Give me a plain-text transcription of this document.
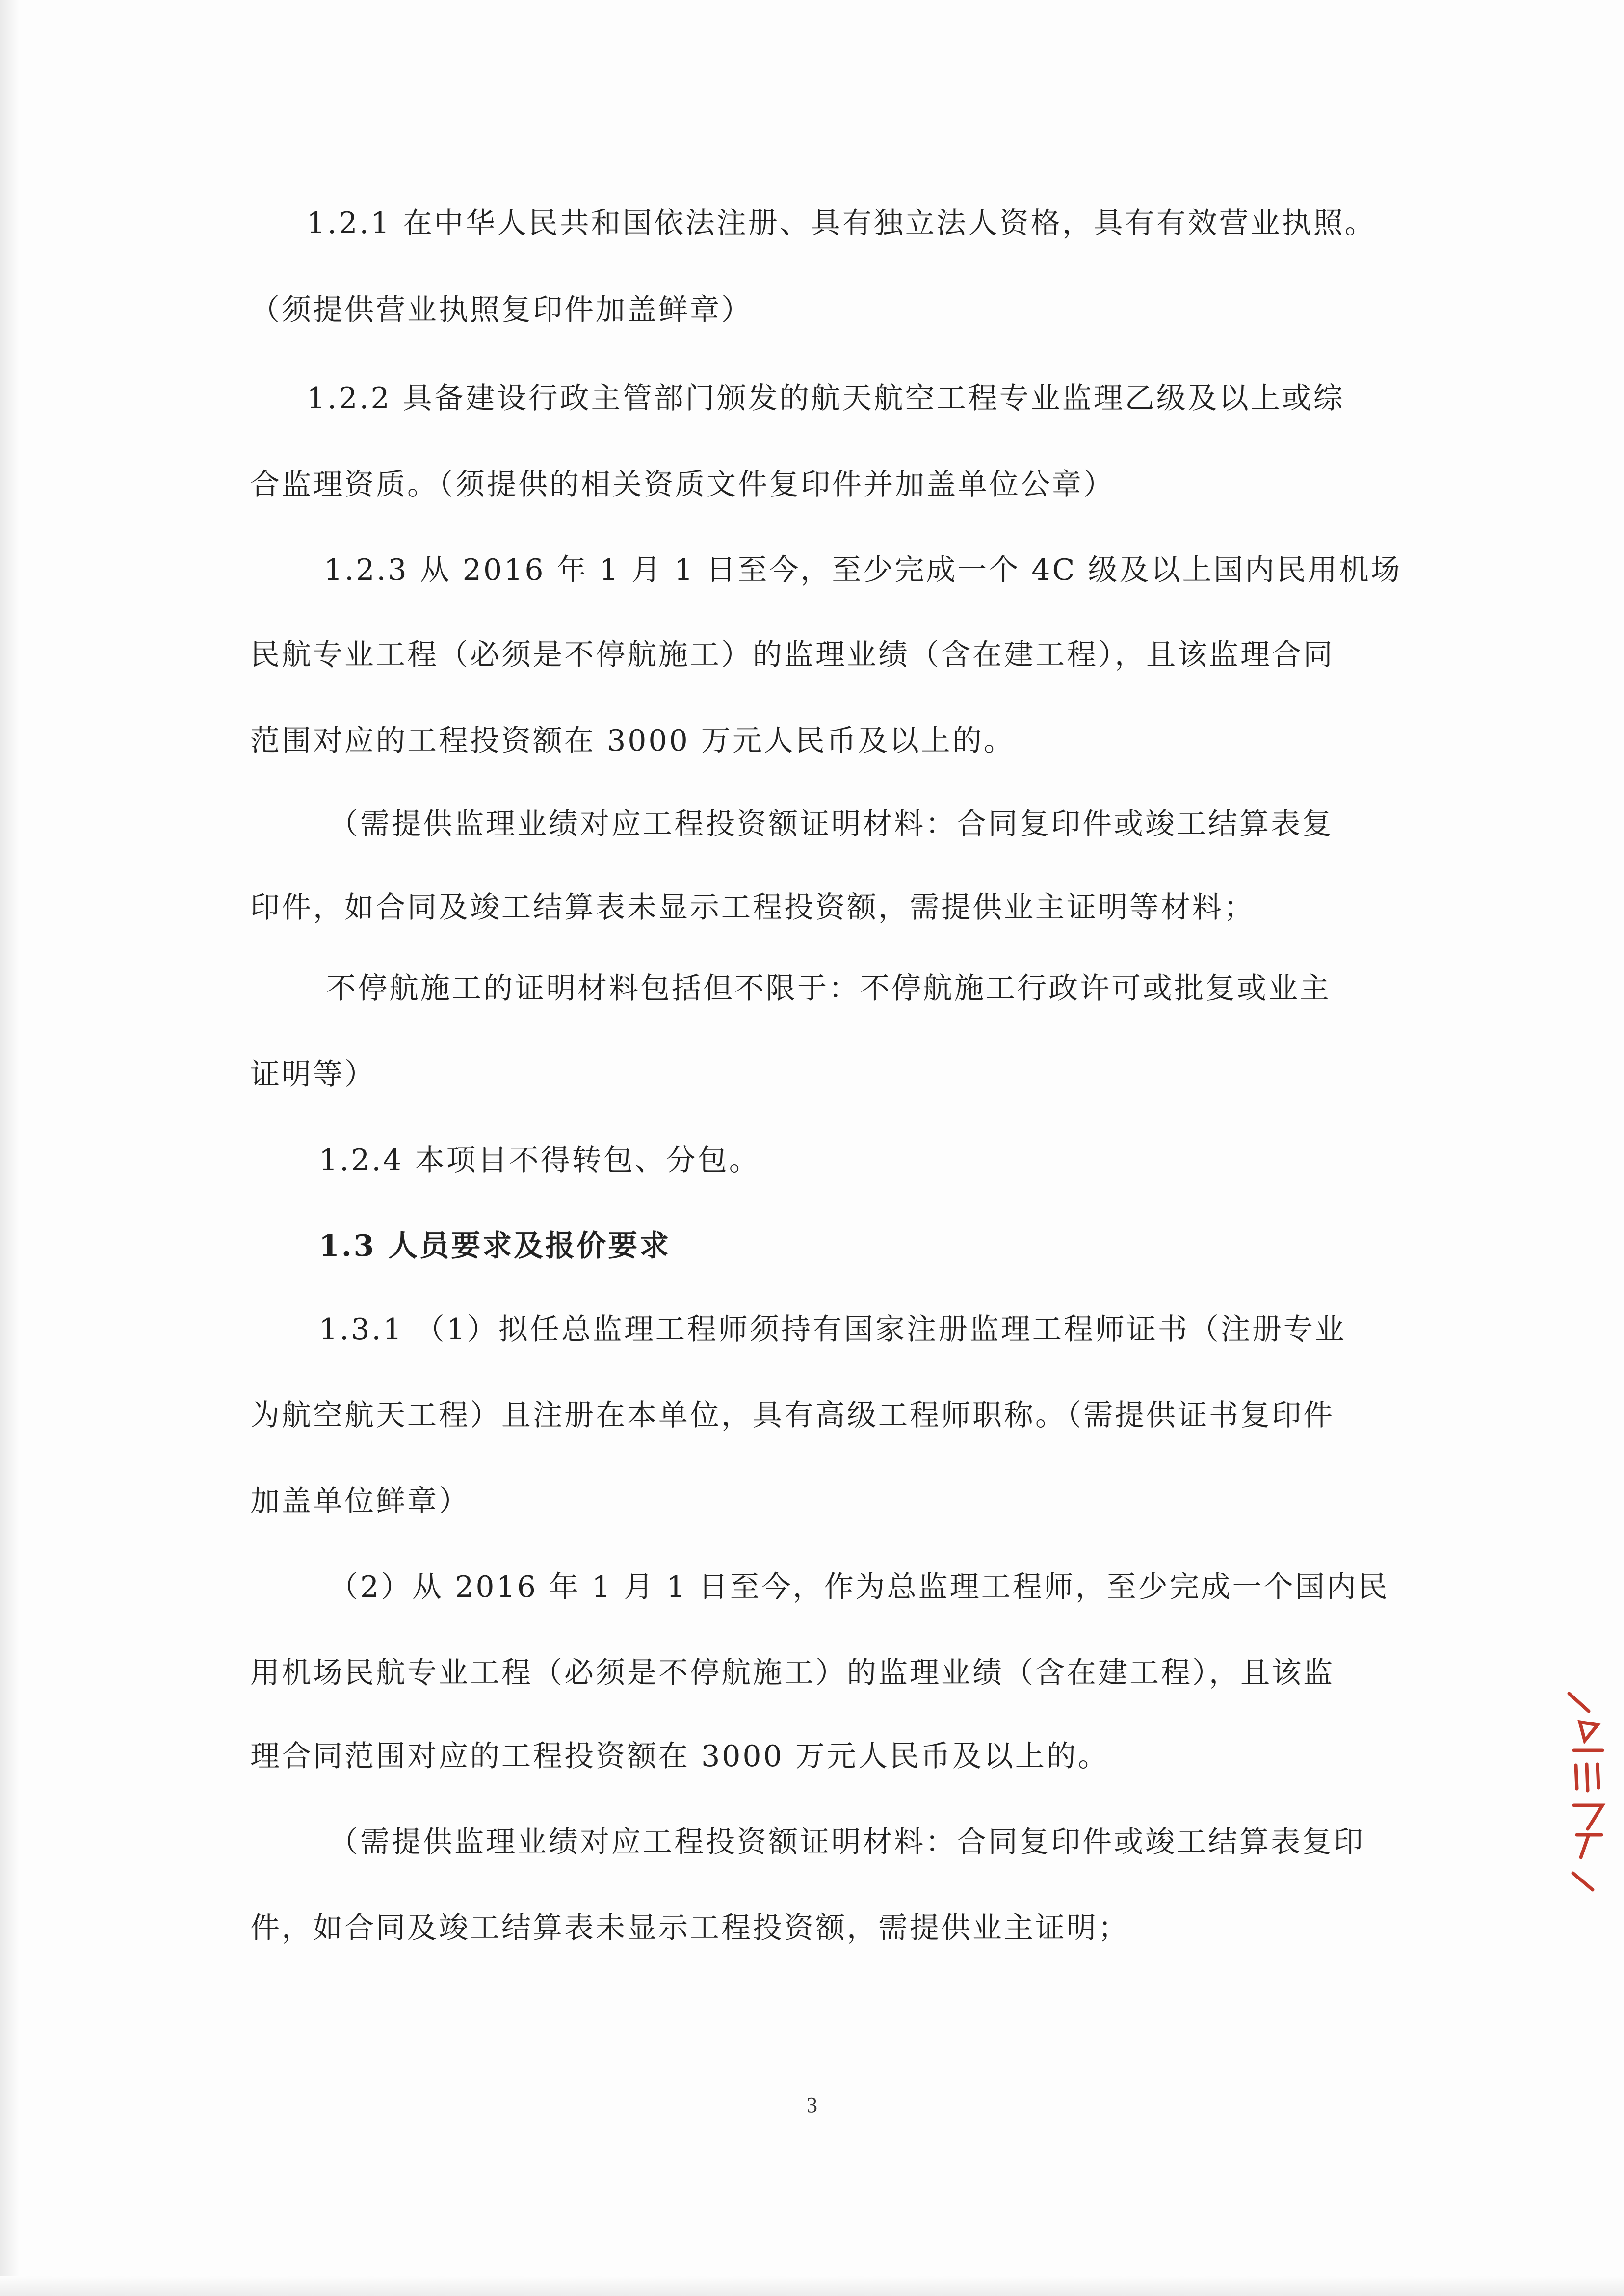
1.2.1 在中华人民共和国依法注册、具有独立法人资格，具有有效营业执照。

（须提供营业执照复印件加盖鲜章）

1.2.2 具备建设行政主管部门颁发的航天航空工程专业监理乙级及以上或综

合监理资质。（须提供的相关资质文件复印件并加盖单位公章）

1.2.3 从 2016 年 1 月 1 日至今，至少完成一个 4C 级及以上国内民用机场

民航专业工程（必须是不停航施工）的监理业绩（含在建工程），且该监理合同

范围对应的工程投资额在 3000 万元人民币及以上的。

（需提供监理业绩对应工程投资额证明材料：合同复印件或竣工结算表复

印件，如合同及竣工结算表未显示工程投资额，需提供业主证明等材料；

不停航施工的证明材料包括但不限于：不停航施工行政许可或批复或业主

证明等）

1.2.4 本项目不得转包、分包。

1.3 人员要求及报价要求

1.3.1 （1）拟任总监理工程师须持有国家注册监理工程师证书（注册专业

为航空航天工程）且注册在本单位，具有高级工程师职称。（需提供证书复印件

加盖单位鲜章）

（2）从 2016 年 1 月 1 日至今，作为总监理工程师，至少完成一个国内民

用机场民航专业工程（必须是不停航施工）的监理业绩（含在建工程），且该监

理合同范围对应的工程投资额在 3000 万元人民币及以上的。

（需提供监理业绩对应工程投资额证明材料：合同复印件或竣工结算表复印

件，如合同及竣工结算表未显示工程投资额，需提供业主证明；

3
